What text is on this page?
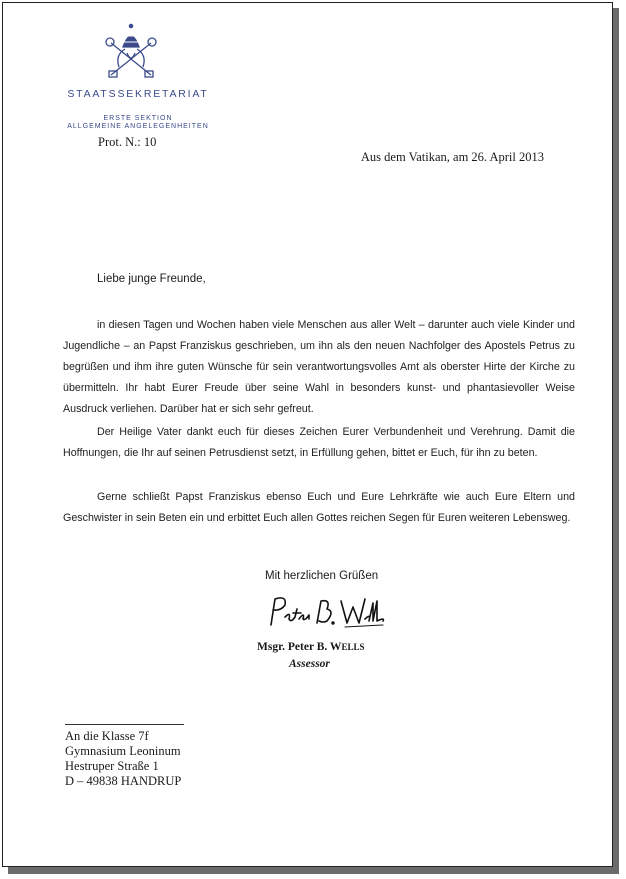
STAATSSEKRETARIAT
ERSTE SEKTION
ALLGEMEINE ANGELEGENHEITEN
Prot. N.: 10
Aus dem Vatikan, am 26. April 2013
Liebe junge Freunde,

in diesen Tagen und Wochen haben viele Menschen aus aller Welt – darunter auch viele Kinder und Jugendliche – an Papst Franziskus geschrieben, um ihn als den neuen Nachfolger des Apostels Petrus zu begrüßen und ihm ihre guten Wünsche für sein verantwortungsvolles Amt als oberster Hirte der Kirche zu übermitteln. Ihr habt Eurer Freude über seine Wahl in besonders kunst- und phantasievoller Weise Ausdruck verliehen. Darüber hat er sich sehr gefreut.

Der Heilige Vater dankt euch für dieses Zeichen Eurer Verbundenheit und Verehrung. Damit die Hoffnungen, die Ihr auf seinen Petrusdienst setzt, in Erfüllung gehen, bittet er Euch, für ihn zu beten.

Gerne schließt Papst Franziskus ebenso Euch und Eure Lehrkräfte wie auch Eure Eltern und Geschwister in sein Beten ein und erbittet Euch allen Gottes reichen Segen für Euren weiteren Lebensweg.

Mit herzlichen Grüßen
Msgr. Peter B. WELLS
Assessor
An die Klasse 7f
Gymnasium Leoninum
Hestruper Straße 1
D – 49838 HANDRUP
